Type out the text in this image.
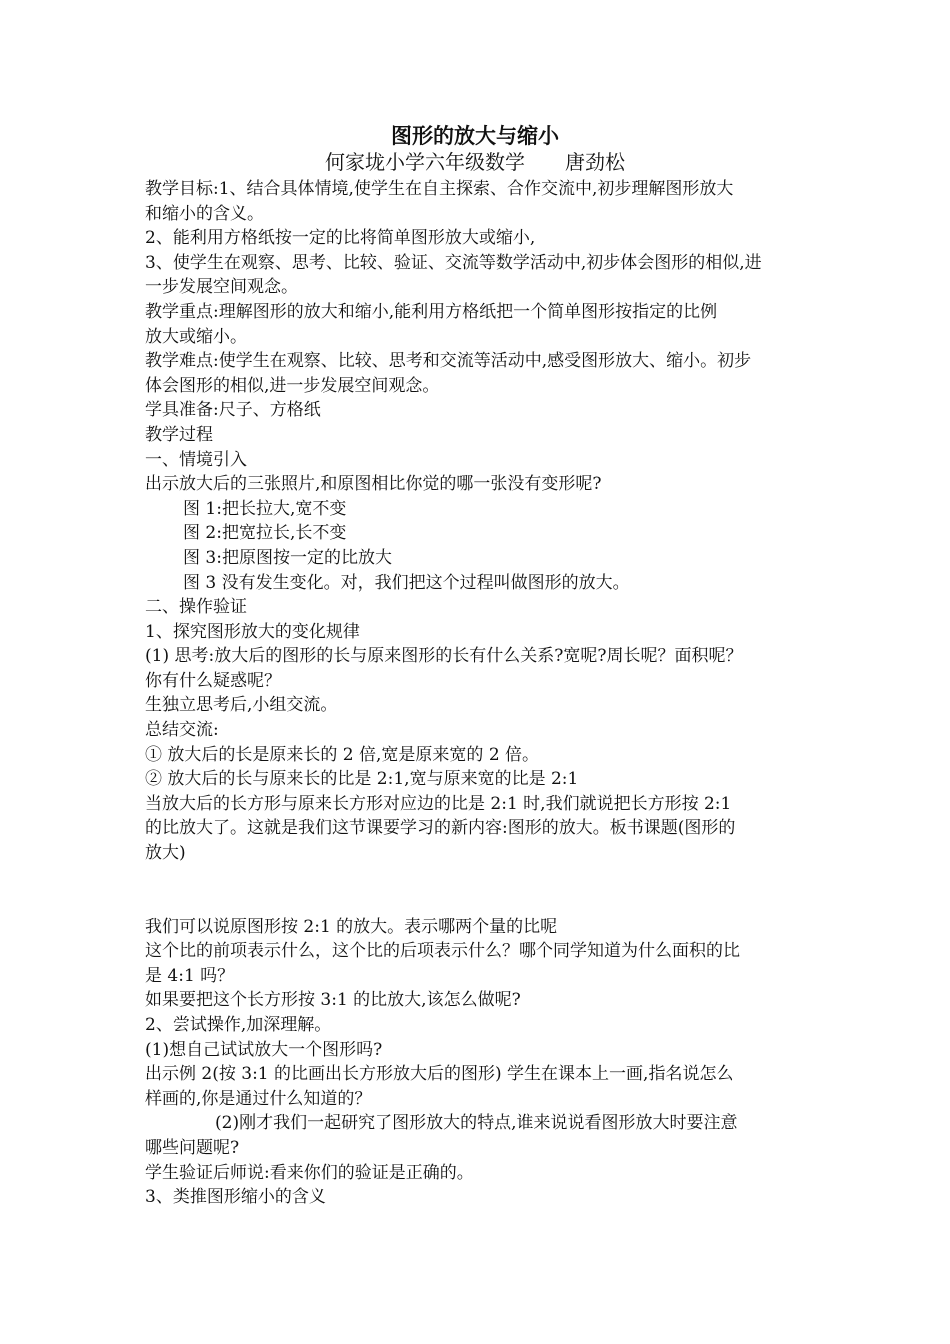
图形的放大与缩小

何家垅小学六年级数学 唐劲松

教学目标:1、结合具体情境,使学生在自主探索、合作交流中,初步理解图形放大

和缩小的含义。

2、能利用方格纸按一定的比将简单图形放大或缩小,

3、使学生在观察、思考、比较、验证、交流等数学活动中,初步体会图形的相似,进

一步发展空间观念。

教学重点:理解图形的放大和缩小,能利用方格纸把一个简单图形按指定的比例

放大或缩小。

教学难点:使学生在观察、比较、思考和交流等活动中,感受图形放大、缩小。初步

体会图形的相似,进一步发展空间观念。

学具准备:尺子、方格纸

教学过程

一、情境引入

出示放大后的三张照片,和原图相比你觉的哪一张没有变形呢?

图 1:把长拉大,宽不变

图 2:把宽拉长,长不变

图 3:把原图按一定的比放大

图 3 没有发生变化。对，我们把这个过程叫做图形的放大。

二、操作验证

1、探究图形放大的变化规律

(1) 思考:放大后的图形的长与原来图形的长有什么关系?宽呢?周长呢？面积呢？

你有什么疑惑呢？

生独立思考后,小组交流。

总结交流:

① 放大后的长是原来长的 2 倍,宽是原来宽的 2 倍。

② 放大后的长与原来长的比是 2:1,宽与原来宽的比是 2:1

当放大后的长方形与原来长方形对应边的比是 2:1 时,我们就说把长方形按 2:1

的比放大了。这就是我们这节课要学习的新内容:图形的放大。板书课题(图形的

放大)

我们可以说原图形按 2:1 的放大。表示哪两个量的比呢

这个比的前项表示什么，这个比的后项表示什么？哪个同学知道为什么面积的比

是 4:1 吗？

如果要把这个长方形按 3:1 的比放大,该怎么做呢?

2、尝试操作,加深理解。

(1)想自己试试放大一个图形吗?

出示例 2(按 3:1 的比画出长方形放大后的图形) 学生在课本上一画,指名说怎么

样画的,你是通过什么知道的？

(2)刚才我们一起研究了图形放大的特点,谁来说说看图形放大时要注意

哪些问题呢?

学生验证后师说:看来你们的验证是正确的。

3、类推图形缩小的含义
